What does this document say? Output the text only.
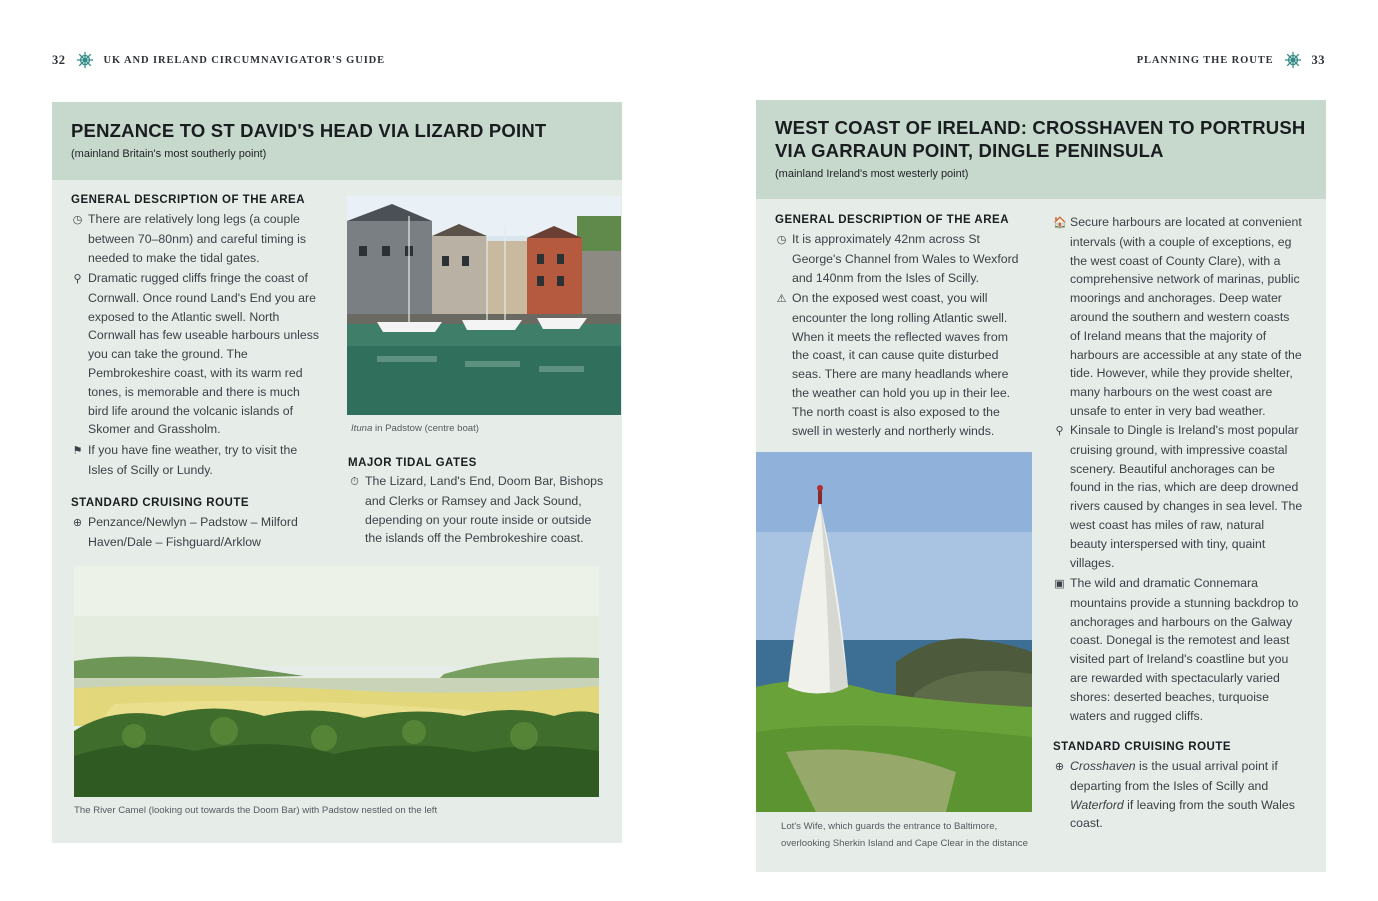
32	UK AND IRELAND CIRCUMNAVIGATOR'S GUIDE	PLANNING THE ROUTE	33
PENZANCE TO ST DAVID'S HEAD VIA LIZARD POINT
(mainland Britain's most southerly point)
GENERAL DESCRIPTION OF THE AREA
◷ There are relatively long legs (a couple between 70–80nm) and careful timing is needed to make the tidal gates.
⚲ Dramatic rugged cliffs fringe the coast of Cornwall. Once round Land's End you are exposed to the Atlantic swell. North Cornwall has few useable harbours unless you can take the ground. The Pembrokeshire coast, with its warm red tones, is memorable and there is much bird life around the volcanic islands of Skomer and Grassholm.
⚑ If you have fine weather, try to visit the Isles of Scilly or Lundy.
STANDARD CRUISING ROUTE
⊕ Penzance/Newlyn – Padstow – Milford Haven/Dale – Fishguard/Arklow
Ituna in Padstow (centre boat)
MAJOR TIDAL GATES
⏱ The Lizard, Land's End, Doom Bar, Bishops and Clerks or Ramsey and Jack Sound, depending on your route inside or outside the islands off the Pembrokeshire coast.
The River Camel (looking out towards the Doom Bar) with Padstow nestled on the left
WEST COAST OF IRELAND: CROSSHAVEN TO PORTRUSH
VIA GARRAUN POINT, DINGLE PENINSULA
(mainland Ireland's most westerly point)
GENERAL DESCRIPTION OF THE AREA
◷ It is approximately 42nm across St George's Channel from Wales to Wexford and 140nm from the Isles of Scilly.
⚠ On the exposed west coast, you will encounter the long rolling Atlantic swell. When it meets the reflected waves from the coast, it can cause quite disturbed seas. There are many headlands where the weather can hold you up in their lee. The north coast is also exposed to the swell in westerly and northerly winds.
Lot's Wife, which guards the entrance to Baltimore,
overlooking Sherkin Island and Cape Clear in the distance
🏠 Secure harbours are located at convenient intervals (with a couple of exceptions, eg the west coast of County Clare), with a comprehensive network of marinas, public moorings and anchorages. Deep water around the southern and western coasts of Ireland means that the majority of harbours are accessible at any state of the tide. However, while they provide shelter, many harbours on the west coast are unsafe to enter in very bad weather.
⚲ Kinsale to Dingle is Ireland's most popular cruising ground, with impressive coastal scenery. Beautiful anchorages can be found in the rias, which are deep drowned rivers caused by changes in sea level. The west coast has miles of raw, natural beauty interspersed with tiny, quaint villages.
▣ The wild and dramatic Connemara mountains provide a stunning backdrop to anchorages and harbours on the Galway coast. Donegal is the remotest and least visited part of Ireland's coastline but you are rewarded with spectacularly varied shores: deserted beaches, turquoise waters and rugged cliffs.
STANDARD CRUISING ROUTE
⊕ Crosshaven is the usual arrival point if departing from the Isles of Scilly and Waterford if leaving from the south Wales coast.
